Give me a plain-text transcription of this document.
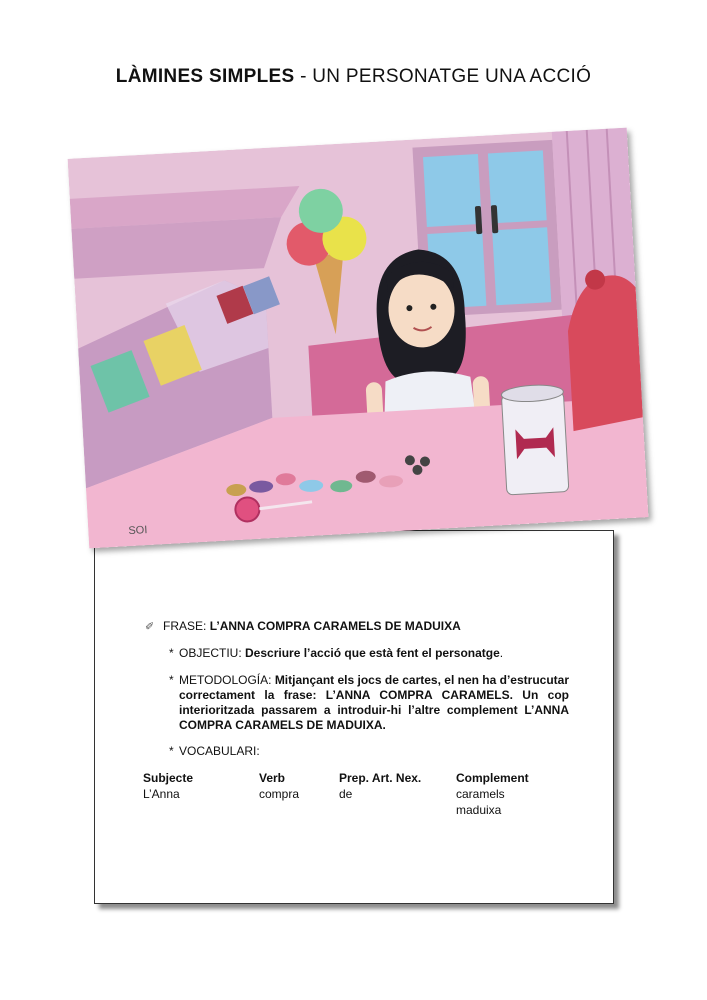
LÀMINES SIMPLES - UN PERSONATGE UNA ACCIÓ
✐ FRASE: L’ANNA COMPRA CARAMELS DE MADUIXA
* OBJECTIU: Descriure l’acció que està fent el personatge.
* METODOLOGÍA: Mitjançant els jocs de cartes, el nen ha d’estrucutar correctament la frase: L’ANNA COMPRA CARAMELS. Un cop interioritzada passarem a introduir-hi l’altre complement L’ANNA COMPRA CARAMELS DE MADUIXA.
* VOCABULARI:
Subjecte	Verb	Prep. Art. Nex.	Complement
L’Anna	compra	de	caramels
maduixa
SOI
